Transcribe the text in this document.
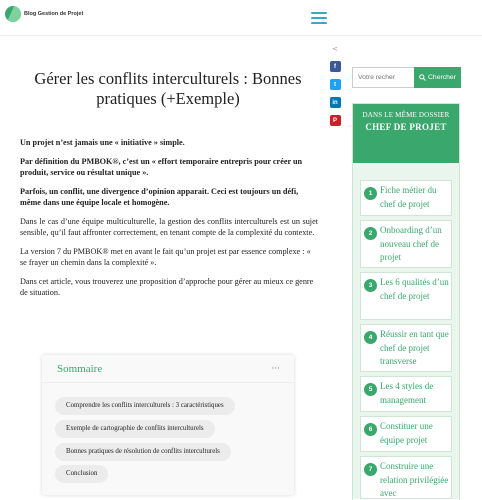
Blog Gestion de Projet
<
f
t
in
P
Gérer les conflits interculturels : Bonnes pratiques (+Exemple)

Un projet n’est jamais une « initiative » simple.

Par définition du PMBOK®, c’est un « effort temporaire entrepris pour créer un produit, service ou résultat unique ».

Parfois, un conflit, une divergence d’opinion apparait. Ceci est toujours un défi, même dans une équipe locale et homogène.

Dans le cas d’une équipe multiculturelle, la gestion des conflits interculturels est un sujet sensible, qu’il faut affronter correctement, en tenant compte de la complexité du contexte.

La version 7 du PMBOK® met en avant le fait qu’un projet est par essence complexe : « se frayer un chemin dans la complexité ».

Dans cet article, vous trouverez une proposition d’approche pour gérer au mieux ce genre de situation.

Sommaire	···
Comprendre les conflits interculturels : 3 caractéristiques
Exemple de cartographie de conflits interculturels
Bonnes pratiques de résolution de conflits interculturels
Conclusion
Votre recher
Chercher
DANS LE MÊME DOSSIER
CHEF DE PROJET
1 Fiche métier du chef de projet
2 Onboarding d’un nouveau chef de projet
3 Les 6 qualités d’un chef de projet
4 Réussir en tant que chef de projet transverse
5 Les 4 styles de management
6 Constituer une équipe projet
7 Construire une relation privilégiée avec
